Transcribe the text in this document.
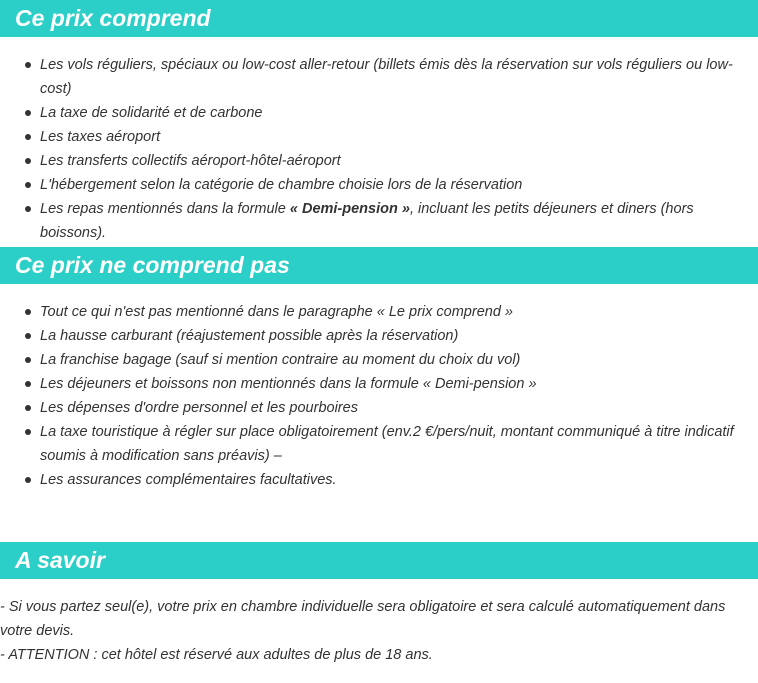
Ce prix comprend
Les vols réguliers, spéciaux ou low-cost aller-retour (billets émis dès la réservation sur vols réguliers ou low-cost)
La taxe de solidarité et de carbone
Les taxes aéroport
Les transferts collectifs aéroport-hôtel-aéroport
L'hébergement selon la catégorie de chambre choisie lors de la réservation
Les repas mentionnés dans la formule « Demi-pension », incluant les petits déjeuners et diners (hors boissons).
Ce prix ne comprend pas
Tout ce qui n'est pas mentionné dans le paragraphe « Le prix comprend »
La hausse carburant (réajustement possible après la réservation)
La franchise bagage (sauf si mention contraire au moment du choix du vol)
Les déjeuners et boissons non mentionnés dans la formule « Demi-pension »
Les dépenses d'ordre personnel et les pourboires
La taxe touristique à régler sur place obligatoirement (env.2 €/pers/nuit, montant communiqué à titre indicatif soumis à modification sans préavis) –
Les assurances complémentaires facultatives.
A savoir
- Si vous partez seul(e), votre prix en chambre individuelle sera obligatoire et sera calculé automatiquement dans votre devis.
- ATTENTION : cet hôtel est réservé aux adultes de plus de 18 ans.
